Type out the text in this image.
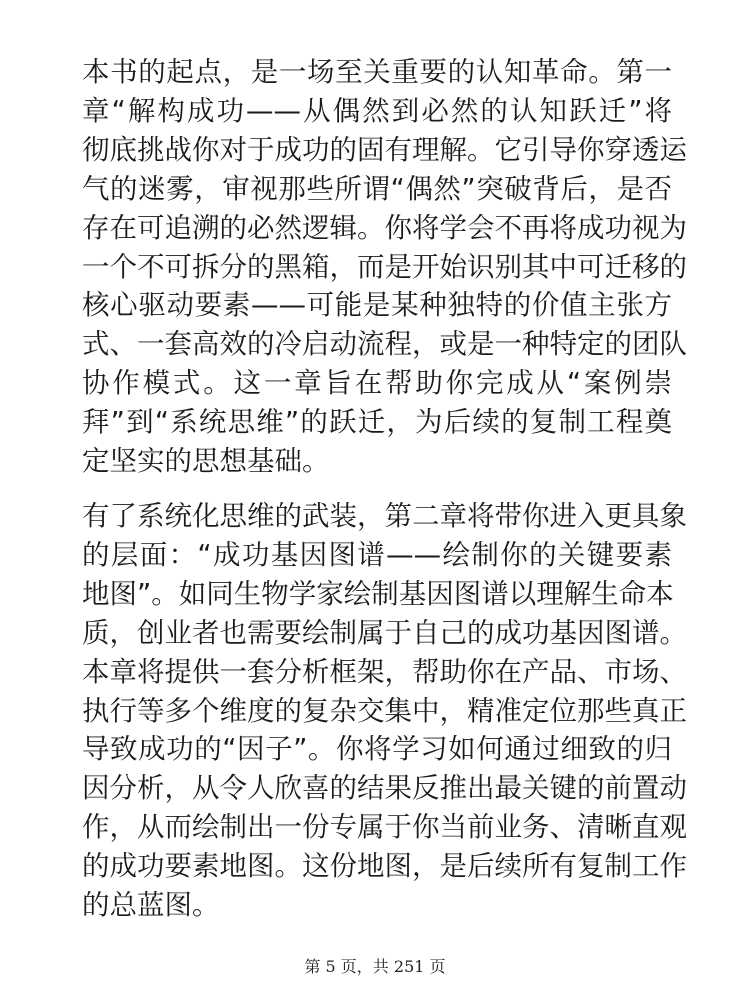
本书的起点，是一场至关重要的认知革命。第一
章“解构成功——从偶然到必然的认知跃迁”将
彻底挑战你对于成功的固有理解。它引导你穿透运
气的迷雾，审视那些所谓“偶然”突破背后，是否
存在可追溯的必然逻辑。你将学会不再将成功视为
一个不可拆分的黑箱，而是开始识别其中可迁移的
核心驱动要素——可能是某种独特的价值主张方
式、一套高效的冷启动流程，或是一种特定的团队
协作模式。这一章旨在帮助你完成从“案例崇
拜”到“系统思维”的跃迁，为后续的复制工程奠
定坚实的思想基础。
有了系统化思维的武装，第二章将带你进入更具象
的层面：“成功基因图谱——绘制你的关键要素
地图”。如同生物学家绘制基因图谱以理解生命本
质，创业者也需要绘制属于自己的成功基因图谱。
本章将提供一套分析框架，帮助你在产品、市场、
执行等多个维度的复杂交集中，精准定位那些真正
导致成功的“因子”。你将学习如何通过细致的归
因分析，从令人欣喜的结果反推出最关键的前置动
作，从而绘制出一份专属于你当前业务、清晰直观
的成功要素地图。这份地图，是后续所有复制工作
的总蓝图。
第 5 页，共 251 页
